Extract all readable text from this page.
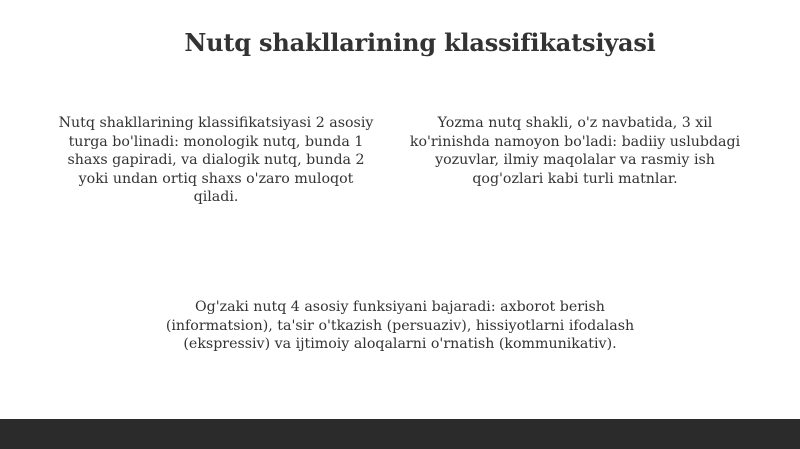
Nutq shakllarining klassifikatsiyasi
Nutq shakllarining klassifikatsiyasi 2 asosiy turga bo'linadi: monologik nutq, bunda 1 shaxs gapiradi, va dialogik nutq, bunda 2 yoki undan ortiq shaxs o'zaro muloqot qiladi.
Yozma nutq shakli, o'z navbatida, 3 xil ko'rinishda namoyon bo'ladi: badiiy uslubdagi yozuvlar, ilmiy maqolalar va rasmiy ish qog'ozlari kabi turli matnlar.
Og'zaki nutq 4 asosiy funksiyani bajaradi: axborot berish (informatsion), ta'sir o'tkazish (persuaziv), hissiyotlarni ifodalash (ekspressiv) va ijtimoiy aloqalarni o'rnatish (kommunikativ).
